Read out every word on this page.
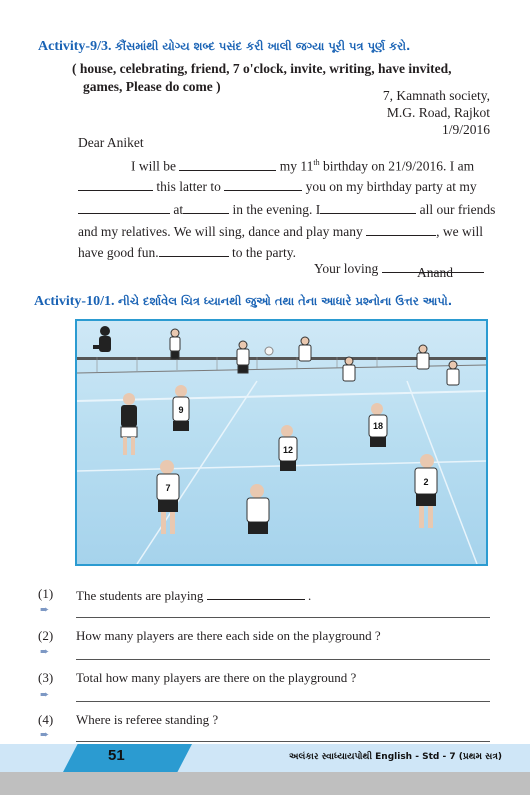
Activity-9/3. કૌંસમાંથી યોગ્ય શબ્દ પસંદ કરી ખાલી જગ્યા પૂરી પત્ર પૂર્ણ કરો.
( house, celebrating, friend, 7 o'clock, invite, writing, have invited,
games, Please do come )
7, Kamnath society,
M.G. Road, Rajkot
1/9/2016
Dear Aniket
I will be	my 11th birthday on 21/9/2016. I am
this latter to	you on my birthday party at my
at	in the evening. I	all our friends
and my relatives. We will sing, dance and play many	, we will
have good fun.	to the party.
Your loving	Anand
Activity-10/1. નીચે દર્શાવેલ ચિત્ર ધ્યાનથી જુઓ તથા તેના આધારે પ્રશ્નોના ઉત્તર આપો.
9
7
12
2
18
(1) The students are playing	.
➨
(2) How many players are there each side on the playground ?
➨
(3) Total how many players are there on the playground ?
➨
(4) Where is referee standing ?
➨
51	અલંકાર સ્વાધ્યાયપોથી English - Std - 7 (પ્રથમ સત્ર)
